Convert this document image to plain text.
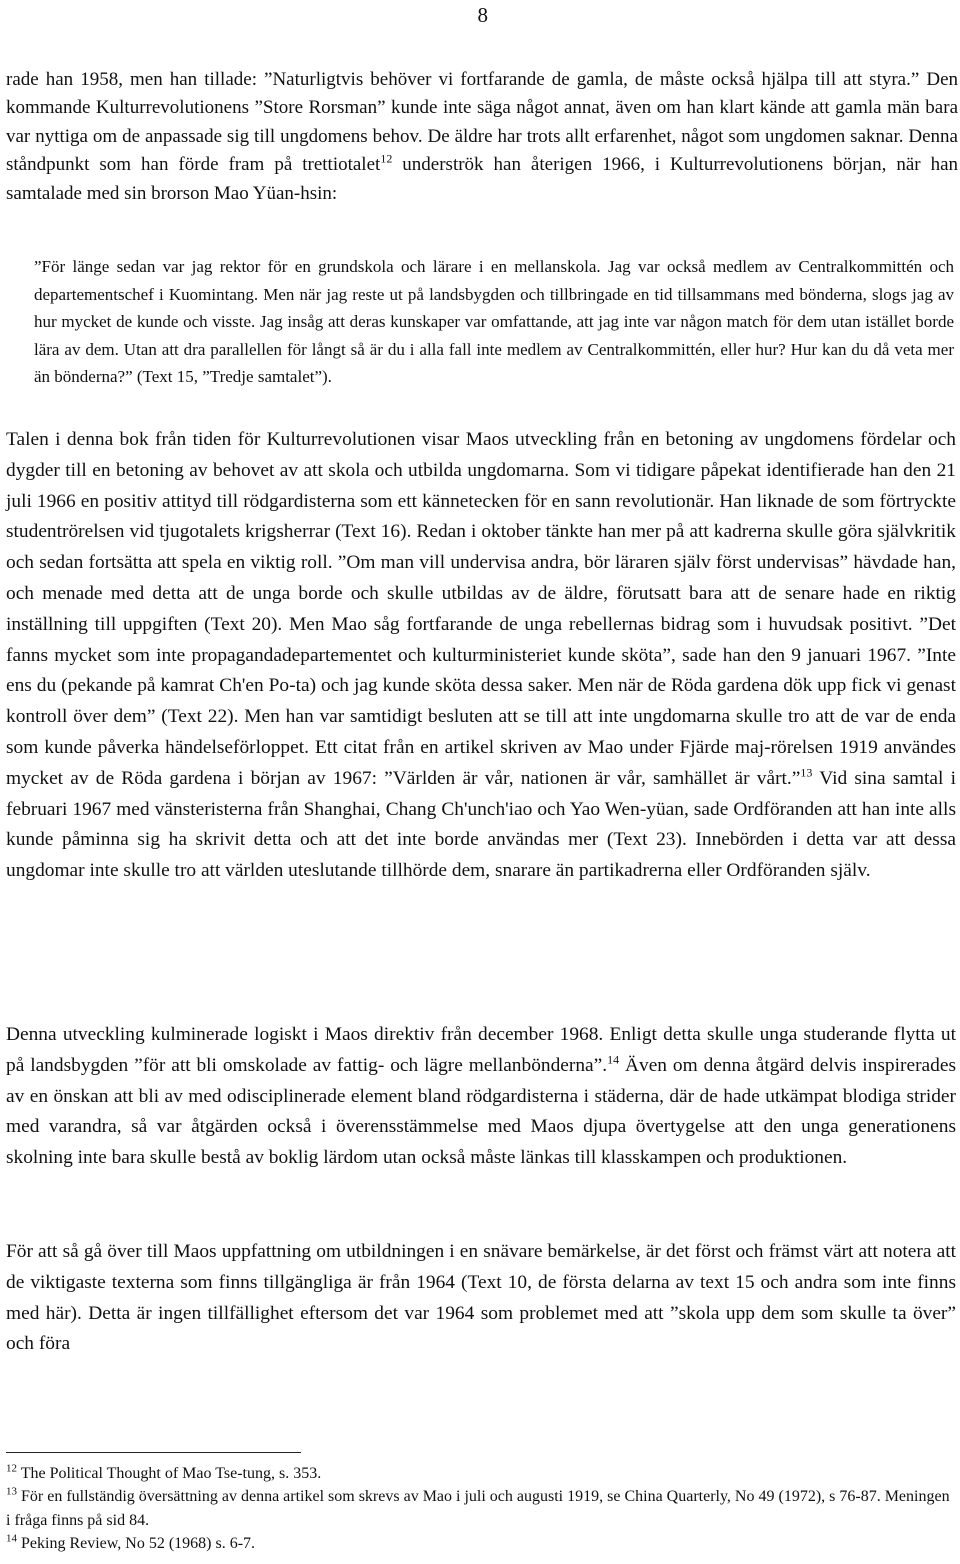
8

rade han 1958, men han tillade: ”Naturligtvis behöver vi fortfarande de gamla, de måste också hjälpa till att styra.” Den kommande Kulturrevolutionens ”Store Rorsman” kunde inte säga något annat, även om han klart kände att gamla män bara var nyttiga om de anpassade sig till ungdomens behov. De äldre har trots allt erfarenhet, något som ungdomen saknar. Denna ståndpunkt som han förde fram på trettiotalet$^{12}$ underströk han återigen 1966, i Kulturrevolutionens början, när han samtalade med sin brorson Mao Yüan-hsin:

”För länge sedan var jag rektor för en grundskola och lärare i en mellanskola. Jag var också medlem av Centralkommittén och departementschef i Kuomintang. Men när jag reste ut på landsbygden och tillbringade en tid tillsammans med bönderna, slogs jag av hur mycket de kunde och visste. Jag insåg att deras kunskaper var omfattande, att jag inte var någon match för dem utan istället borde lära av dem. Utan att dra parallellen för långt så är du i alla fall inte medlem av Centralkommittén, eller hur? Hur kan du då veta mer än bönderna?” (Text 15, ”Tredje samtalet”).

Talen i denna bok från tiden för Kulturrevolutionen visar Maos utveckling från en betoning av ungdomens fördelar och dygder till en betoning av behovet av att skola och utbilda ungdomarna. Som vi tidigare påpekat identifierade han den 21 juli 1966 en positiv attityd till rödgardisterna som ett kännetecken för en sann revolutionär. Han liknade de som förtryckte studentrörelsen vid tjugotalets krigsherrar (Text 16). Redan i oktober tänkte han mer på att kadrerna skulle göra självkritik och sedan fortsätta att spela en viktig roll. ”Om man vill undervisa andra, bör läraren själv först undervisas” hävdade han, och menade med detta att de unga borde och skulle utbildas av de äldre, förutsatt bara att de senare hade en riktig inställning till uppgiften (Text 20). Men Mao såg fortfarande de unga rebellernas bidrag som i huvudsak positivt. ”Det fanns mycket som inte propagandadepartementet och kulturministeriet kunde sköta”, sade han den 9 januari 1967. ”Inte ens du (pekande på kamrat Ch'en Po-ta) och jag kunde sköta dessa saker. Men när de Röda gardena dök upp fick vi genast kontroll över dem” (Text 22). Men han var samtidigt besluten att se till att inte ungdomarna skulle tro att de var de enda som kunde påverka händelseförloppet. Ett citat från en artikel skriven av Mao under Fjärde maj-rörelsen 1919 användes mycket av de Röda gardena i början av 1967: ”Världen är vår, nationen är vår, samhället är vårt.”$^{13}$ Vid sina samtal i februari 1967 med vänsteristerna från Shanghai, Chang Ch'unch'iao och Yao Wen-yüan, sade Ordföranden att han inte alls kunde påminna sig ha skrivit detta och att det inte borde användas mer (Text 23). Innebörden i detta var att dessa ungdomar inte skulle tro att världen uteslutande tillhörde dem, snarare än partikadrerna eller Ordföranden själv.

Denna utveckling kulminerade logiskt i Maos direktiv från december 1968. Enligt detta skulle unga studerande flytta ut på landsbygden ”för att bli omskolade av fattig- och lägre mellanbönderna”.$^{14}$ Även om denna åtgärd delvis inspirerades av en önskan att bli av med odisciplinerade element bland rödgardisterna i städerna, där de hade utkämpat blodiga strider med varandra, så var åtgärden också i överensstämmelse med Maos djupa övertygelse att den unga generationens skolning inte bara skulle bestå av boklig lärdom utan också måste länkas till klasskampen och produktionen.

För att så gå över till Maos uppfattning om utbildningen i en snävare bemärkelse, är det först och främst värt att notera att de viktigaste texterna som finns tillgängliga är från 1964 (Text 10, de första delarna av text 15 och andra som inte finns med här). Detta är ingen tillfällighet eftersom det var 1964 som problemet med att ”skola upp dem som skulle ta över” och föra

$^{12}$ The Political Thought of Mao Tse-tung, s. 353.

$^{13}$ För en fullständig översättning av denna artikel som skrevs av Mao i juli och augusti 1919, se China Quarterly, No 49 (1972), s 76-87. Meningen i fråga finns på sid 84.

$^{14}$ Peking Review, No 52 (1968) s. 6-7.
